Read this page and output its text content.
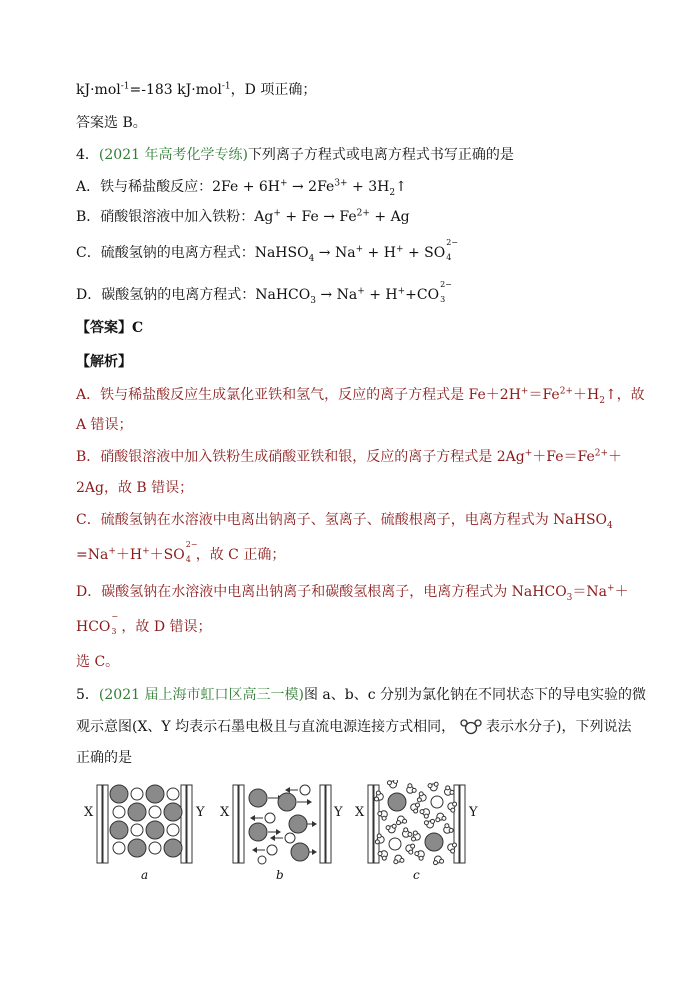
kJ·mol$^{-1}$=-183 kJ·mol$^{-1}$，D 项正确；
答案选 B。
4．(2021 年高考化学专练)下列离子方程式或电离方程式书写正确的是
A．铁与稀盐酸反应：$2Fe + 6H^+ \to 2Fe^{3+}$ + $3H_2↑$
B．硝酸银溶液中加入铁粉：$Ag^+ + Fe \to Fe^{2+} + Ag$
C．硫酸氢钠的电离方程式：NaHSO$_4$ → Na+ + H+ + SO
2−
4
D．碳酸氢钠的电离方程式：NaHCO$_3$ → Na+ + H++CO
2−
3
【答案】C
【解析】
A．铁与稀盐酸反应生成氯化亚铁和氢气，反应的离子方程式是 $Fe+2H^+=Fe^{2+}+H_2↑$，故
A 错误；
B．硝酸银溶液中加入铁粉生成硝酸亚铁和银，反应的离子方程式是 $2Ag^++Fe=Fe^{2+}+$
2Ag，故 B 错误；
C．硫酸氢钠在水溶液中电离出钠离子、氢离子、硫酸根离子，电离方程式为 NaHSO$_4$
=Na+＋H+＋SO
2−
4 ，故 C 正确；
D．碳酸氢钠在水溶液中电离出钠离子和碳酸氢根离子，电离方程式为 NaHCO$_3$＝Na+＋
HCO
−
3 ，故 D 错误；
选 C。
5．(2021 届上海市虹口区高三一模)图 a、b、c 分别为氯化钠在不同状态下的导电实验的微
观示意图(X、Y 均表示石墨电极且与直流电源连接方式相同， 表示水分子)，下列说法
正确的是
X	Y X	Y X	Y
a	b	c
